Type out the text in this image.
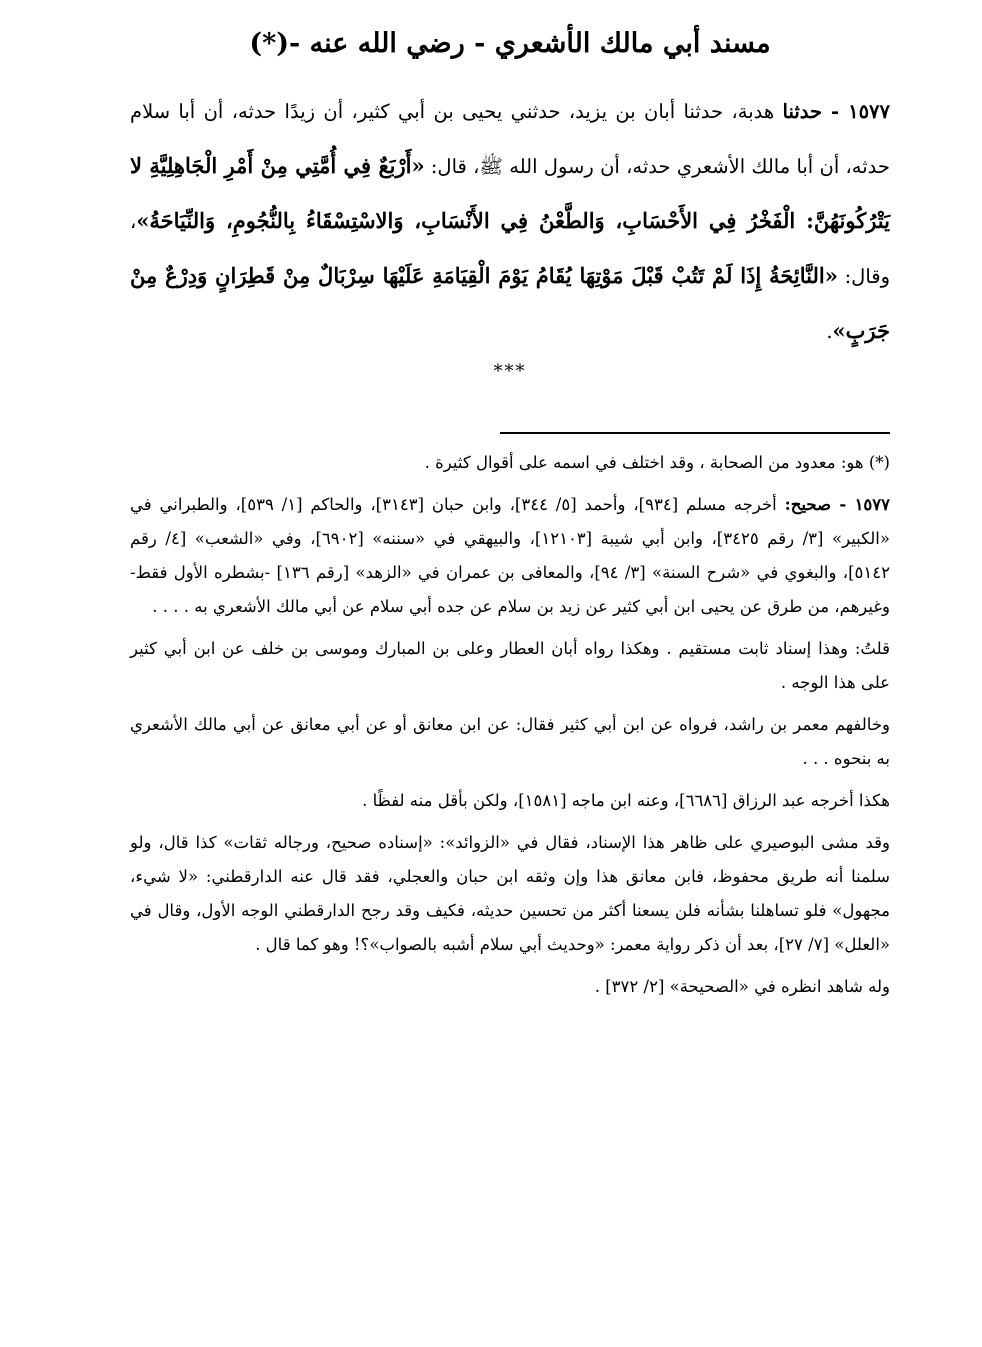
مسند أبي مالك الأشعري - رضي الله عنه -(*)

١٥٧٧ - حدثنا هدبة، حدثنا أبان بن يزيد، حدثني يحيى بن أبي كثير، أن زيدًا حدثه، أن أبا سلام حدثه، أن أبا مالك الأشعري حدثه، أن رسول الله ﷺ، قال: «أَرْبَعٌ فِي أُمَّتِي مِنْ أَمْرِ الْجَاهِلِيَّةِ لا يَتْرُكُونَهُنَّ: الْفَخْرُ فِي الأَحْسَابِ، وَالطَّعْنُ فِي الأَنْسَابِ، وَالاسْتِسْقَاءُ بِالنُّجُومِ، وَالنِّيَاحَةُ»، وقال: «النَّائِحَةُ إِذَا لَمْ تَتُبْ قَبْلَ مَوْتِهَا يُقَامُ يَوْمَ الْقِيَامَةِ عَلَيْهَا سِرْبَالٌ مِنْ قَطِرَانٍ وَدِرْعٌ مِنْ جَرَبٍ».

***

(*) هو: معدود من الصحابة ، وقد اختلف في اسمه على أقوال كثيرة .

١٥٧٧ - صحيح: أخرجه مسلم [٩٣٤]، وأحمد [٥/ ٣٤٤]، وابن حبان [٣١٤٣]، والحاكم [١/ ٥٣٩]، والطبراني في «الكبير» [٣/ رقم ٣٤٢٥]، وابن أبي شيبة [١٢١٠٣]، والبيهقي في «سننه» [٦٩٠٢]، وفي «الشعب» [٤/ رقم ٥١٤٢]، والبغوي في «شرح السنة» [٣/ ٩٤]، والمعافى بن عمران في «الزهد» [رقم ١٣٦] -بشطره الأول فقط- وغيرهم، من طرق عن يحيى ابن أبي كثير عن زيد بن سلام عن جده أبي سلام عن أبي مالك الأشعري به . . . .

قلتُ: وهذا إسناد ثابت مستقيم . وهكذا رواه أبان العطار وعلى بن المبارك وموسى بن خلف عن ابن أبي كثير على هذا الوجه .

وخالفهم معمر بن راشد، فرواه عن ابن أبي كثير فقال: عن ابن معانق أو عن أبي معانق عن أبي مالك الأشعري به بنحوه . . .

هكذا أخرجه عبد الرزاق [٦٦٨٦]، وعنه ابن ماجه [١٥٨١]، ولكن بأقل منه لفظًا .

وقد مشى البوصيري على ظاهر هذا الإسناد، فقال في «الزوائد»: «إسناده صحيح، ورجاله ثقات» كذا قال، ولو سلمنا أنه طريق محفوظ، فابن معانق هذا وإن وثقه ابن حبان والعجلي، فقد قال عنه الدارقطني: «لا شيء، مجهول» فلو تساهلنا بشأنه فلن يسعنا أكثر من تحسين حديثه، فكيف وقد رجح الدارقطني الوجه الأول، وقال في «العلل» [٧/ ٢٧]، بعد أن ذكر رواية معمر: «وحديث أبي سلام أشبه بالصواب»؟! وهو كما قال .

وله شاهد انظره في «الصحيحة» [٢/ ٣٧٢] .
